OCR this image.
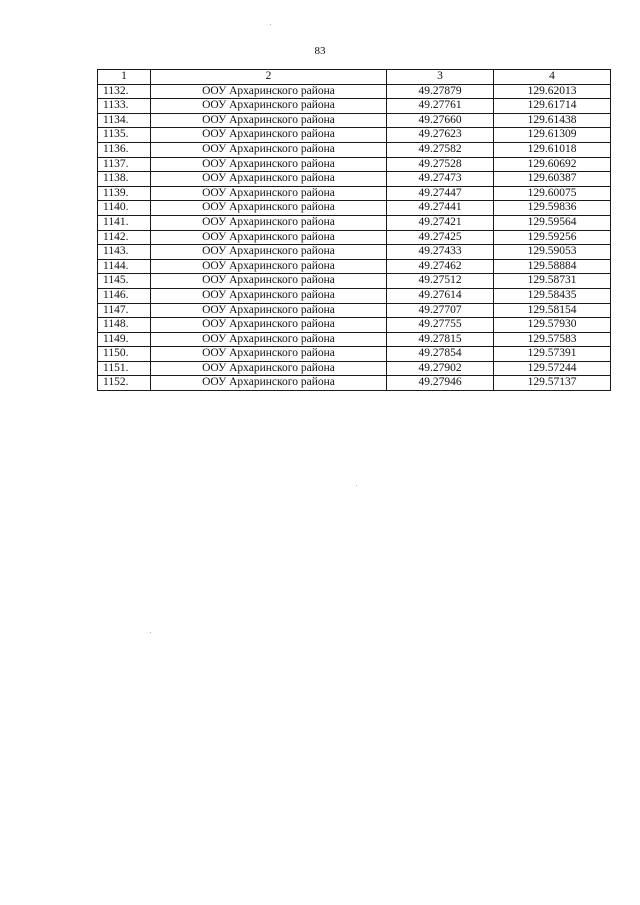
83
1	2	3	4
1132.	ООУ Архаринского района	49.27879	129.62013
1133.	ООУ Архаринского района	49.27761	129.61714
1134.	ООУ Архаринского района	49.27660	129.61438
1135.	ООУ Архаринского района	49.27623	129.61309
1136.	ООУ Архаринского района	49.27582	129.61018
1137.	ООУ Архаринского района	49.27528	129.60692
1138.	ООУ Архаринского района	49.27473	129.60387
1139.	ООУ Архаринского района	49.27447	129.60075
1140.	ООУ Архаринского района	49.27441	129.59836
1141.	ООУ Архаринского района	49.27421	129.59564
1142.	ООУ Архаринского района	49.27425	129.59256
1143.	ООУ Архаринского района	49.27433	129.59053
1144.	ООУ Архаринского района	49.27462	129.58884
1145.	ООУ Архаринского района	49.27512	129.58731
1146.	ООУ Архаринского района	49.27614	129.58435
1147.	ООУ Архаринского района	49.27707	129.58154
1148.	ООУ Архаринского района	49.27755	129.57930
1149.	ООУ Архаринского района	49.27815	129.57583
1150.	ООУ Архаринского района	49.27854	129.57391
1151.	ООУ Архаринского района	49.27902	129.57244
1152.	ООУ Архаринского района	49.27946	129.57137
